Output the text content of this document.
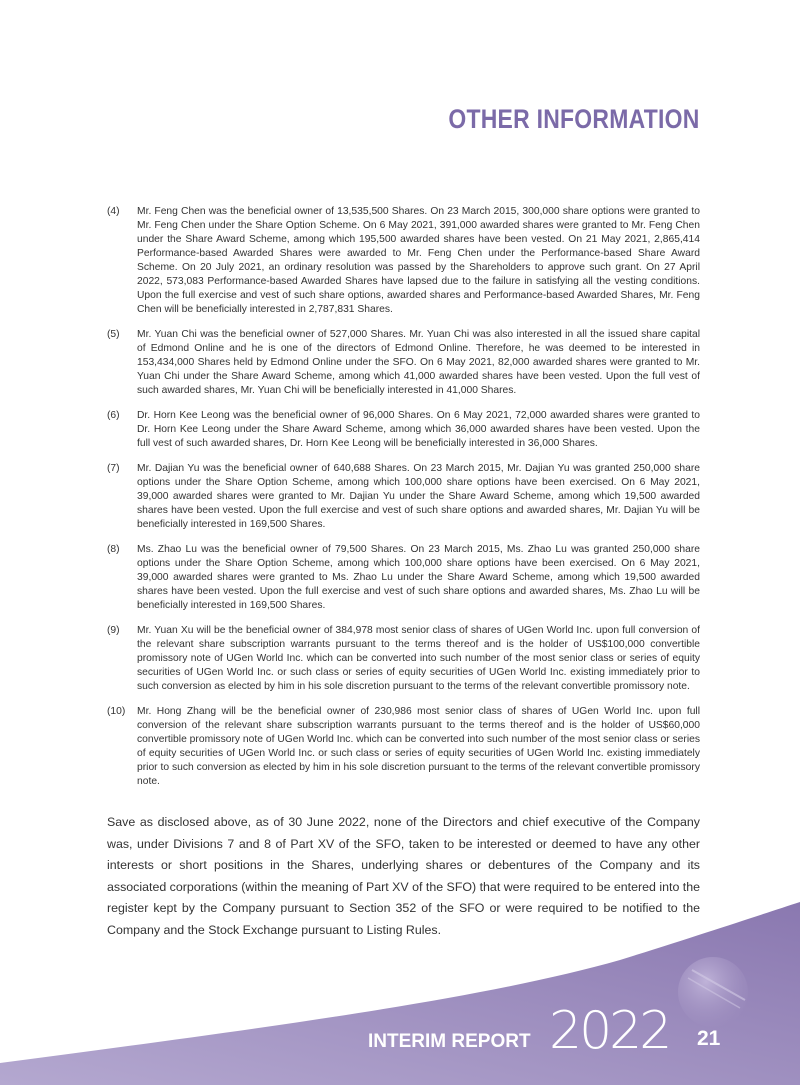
OTHER INFORMATION
INTERIM REPORT 2022 21
(4)	Mr. Feng Chen was the beneficial owner of 13,535,500 Shares. On 23 March 2015, 300,000 share options were granted to Mr. Feng Chen under the Share Option Scheme. On 6 May 2021, 391,000 awarded shares were granted to Mr. Feng Chen under the Share Award Scheme, among which 195,500 awarded shares have been vested. On 21 May 2021, 2,865,414 Performance-based Awarded Shares were awarded to Mr. Feng Chen under the Performance-based Share Award Scheme. On 20 July 2021, an ordinary resolution was passed by the Shareholders to approve such grant. On 27 April 2022, 573,083 Performance-based Awarded Shares have lapsed due to the failure in satisfying all the vesting conditions. Upon the full exercise and vest of such share options, awarded shares and Performance-based Awarded Shares, Mr. Feng Chen will be beneficially interested in 2,787,831 Shares.
(5)	Mr. Yuan Chi was the beneficial owner of 527,000 Shares. Mr. Yuan Chi was also interested in all the issued share capital of Edmond Online and he is one of the directors of Edmond Online. Therefore, he was deemed to be interested in 153,434,000 Shares held by Edmond Online under the SFO. On 6 May 2021, 82,000 awarded shares were granted to Mr. Yuan Chi under the Share Award Scheme, among which 41,000 awarded shares have been vested. Upon the full vest of such awarded shares, Mr. Yuan Chi will be beneficially interested in 41,000 Shares.
(6)	Dr. Horn Kee Leong was the beneficial owner of 96,000 Shares. On 6 May 2021, 72,000 awarded shares were granted to Dr. Horn Kee Leong under the Share Award Scheme, among which 36,000 awarded shares have been vested. Upon the full vest of such awarded shares, Dr. Horn Kee Leong will be beneficially interested in 36,000 Shares.
(7)	Mr. Dajian Yu was the beneficial owner of 640,688 Shares. On 23 March 2015, Mr. Dajian Yu was granted 250,000 share options under the Share Option Scheme, among which 100,000 share options have been exercised. On 6 May 2021, 39,000 awarded shares were granted to Mr. Dajian Yu under the Share Award Scheme, among which 19,500 awarded shares have been vested. Upon the full exercise and vest of such share options and awarded shares, Mr. Dajian Yu will be beneficially interested in 169,500 Shares.
(8)	Ms. Zhao Lu was the beneficial owner of 79,500 Shares. On 23 March 2015, Ms. Zhao Lu was granted 250,000 share options under the Share Option Scheme, among which 100,000 share options have been exercised. On 6 May 2021, 39,000 awarded shares were granted to Ms. Zhao Lu under the Share Award Scheme, among which 19,500 awarded shares have been vested. Upon the full exercise and vest of such share options and awarded shares, Ms. Zhao Lu will be beneficially interested in 169,500 Shares.
(9)	Mr. Yuan Xu will be the beneficial owner of 384,978 most senior class of shares of UGen World Inc. upon full conversion of the relevant share subscription warrants pursuant to the terms thereof and is the holder of US$100,000 convertible promissory note of UGen World Inc. which can be converted into such number of the most senior class or series of equity securities of UGen World Inc. or such class or series of equity securities of UGen World Inc. existing immediately prior to such conversion as elected by him in his sole discretion pursuant to the terms of the relevant convertible promissory note.
(10)	Mr. Hong Zhang will be the beneficial owner of 230,986 most senior class of shares of UGen World Inc. upon full conversion of the relevant share subscription warrants pursuant to the terms thereof and is the holder of US$60,000 convertible promissory note of UGen World Inc. which can be converted into such number of the most senior class or series of equity securities of UGen World Inc. or such class or series of equity securities of UGen World Inc. existing immediately prior to such conversion as elected by him in his sole discretion pursuant to the terms of the relevant convertible promissory note.
Save as disclosed above, as of 30 June 2022, none of the Directors and chief executive of the Company was, under Divisions 7 and 8 of Part XV of the SFO, taken to be interested or deemed to have any other interests or short positions in the Shares, underlying shares or debentures of the Company and its associated corporations (within the meaning of Part XV of the SFO) that were required to be entered into the register kept by the Company pursuant to Section 352 of the SFO or were required to be notified to the Company and the Stock Exchange pursuant to Listing Rules.
